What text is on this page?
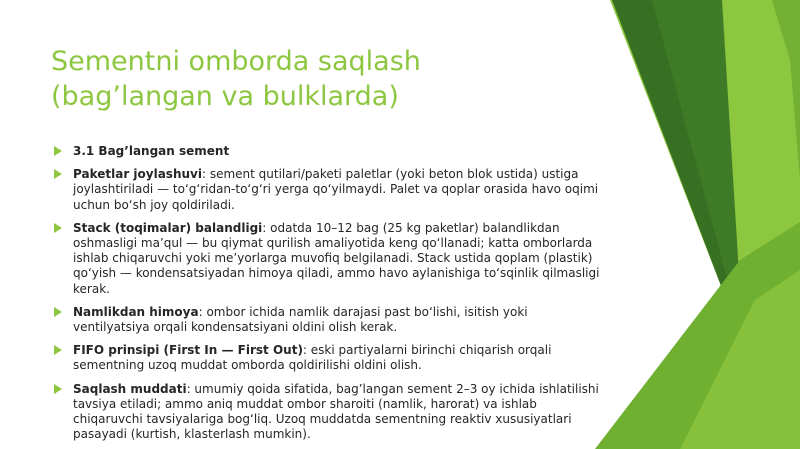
Sementni omborda saqlash
(bag’langan va bulklarda)
3.1 Bag’langan sement
Paketlar joylashuvi: sement qutilari/paketi paletlar (yoki beton blok ustida) ustiga joylashtiriladi — to‘g‘ridan-to‘g‘ri yerga qo‘yilmaydi. Palet va qoplar orasida havo oqimi uchun bo‘sh joy qoldiriladi.
Stack (toqimalar) balandligi: odatda 10–12 bag (25 kg paketlar) balandlikdan oshmasligi ma’qul — bu qiymat qurilish amaliyotida keng qo‘llanadi; katta omborlarda ishlab chiqaruvchi yoki me’yorlarga muvofiq belgilanadi. Stack ustida qoplam (plastik) qo‘yish — kondensatsiyadan himoya qiladi, ammo havo aylanishiga to‘sqinlik qilmasligi kerak.
Namlikdan himoya: ombor ichida namlik darajasi past bo‘lishi, isitish yoki ventilyatsiya orqali kondensatsiyani oldini olish kerak.
FIFO prinsipi (First In — First Out): eski partiyalarni birinchi chiqarish orqali sementning uzoq muddat omborda qoldirilishi oldini olish.
Saqlash muddati: umumiy qoida sifatida, bag’langan sement 2–3 oy ichida ishlatilishi tavsiya etiladi; ammo aniq muddat ombor sharoiti (namlik, harorat) va ishlab chiqaruvchi tavsiyalariga bog‘liq. Uzoq muddatda sementning reaktiv xususiyatlari pasayadi (kurtish, klasterlash mumkin).
